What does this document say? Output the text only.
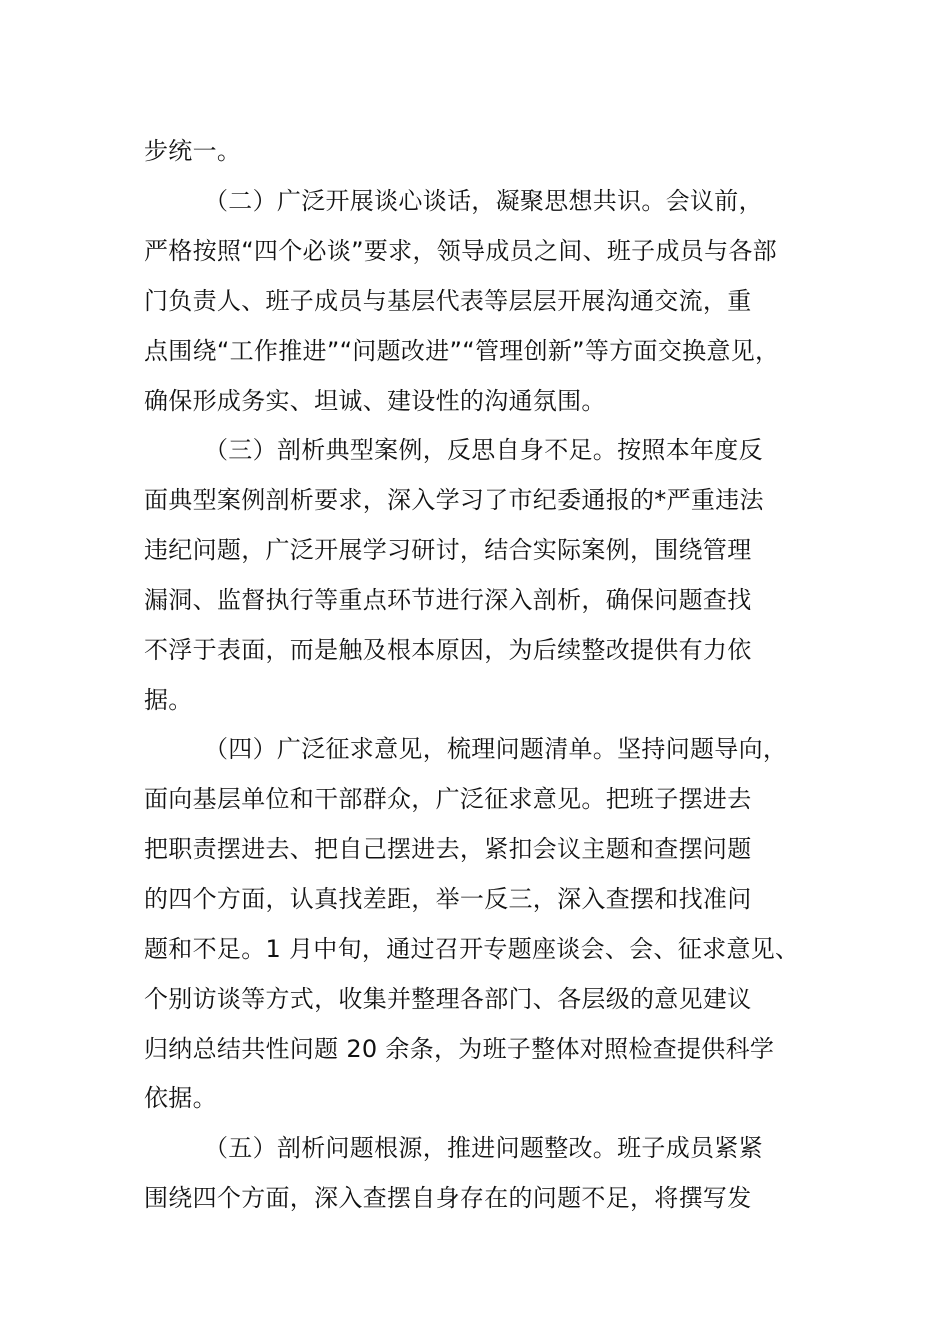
步统一。
（二）广泛开展谈心谈话，凝聚思想共识。会议前，
严格按照“四个必谈”要求，领导成员之间、班子成员与各部
门负责人、班子成员与基层代表等层层开展沟通交流，重
点围绕“工作推进”“问题改进”“管理创新”等方面交换意见，
确保形成务实、坦诚、建设性的沟通氛围。
（三）剖析典型案例，反思自身不足。按照本年度反
面典型案例剖析要求，深入学习了市纪委通报的*严重违法
违纪问题，广泛开展学习研讨，结合实际案例，围绕管理
漏洞、监督执行等重点环节进行深入剖析，确保问题查找
不浮于表面，而是触及根本原因，为后续整改提供有力依
据。
（四）广泛征求意见，梳理问题清单。坚持问题导向，
面向基层单位和干部群众，广泛征求意见。把班子摆进去
把职责摆进去、把自己摆进去，紧扣会议主题和查摆问题
的四个方面，认真找差距，举一反三，深入查摆和找准问
题和不足。1 月中旬，通过召开专题座谈会、会、征求意见、
个别访谈等方式，收集并整理各部门、各层级的意见建议
归纳总结共性问题 20 余条，为班子整体对照检查提供科学
依据。
（五）剖析问题根源，推进问题整改。班子成员紧紧
围绕四个方面，深入查摆自身存在的问题不足，将撰写发
